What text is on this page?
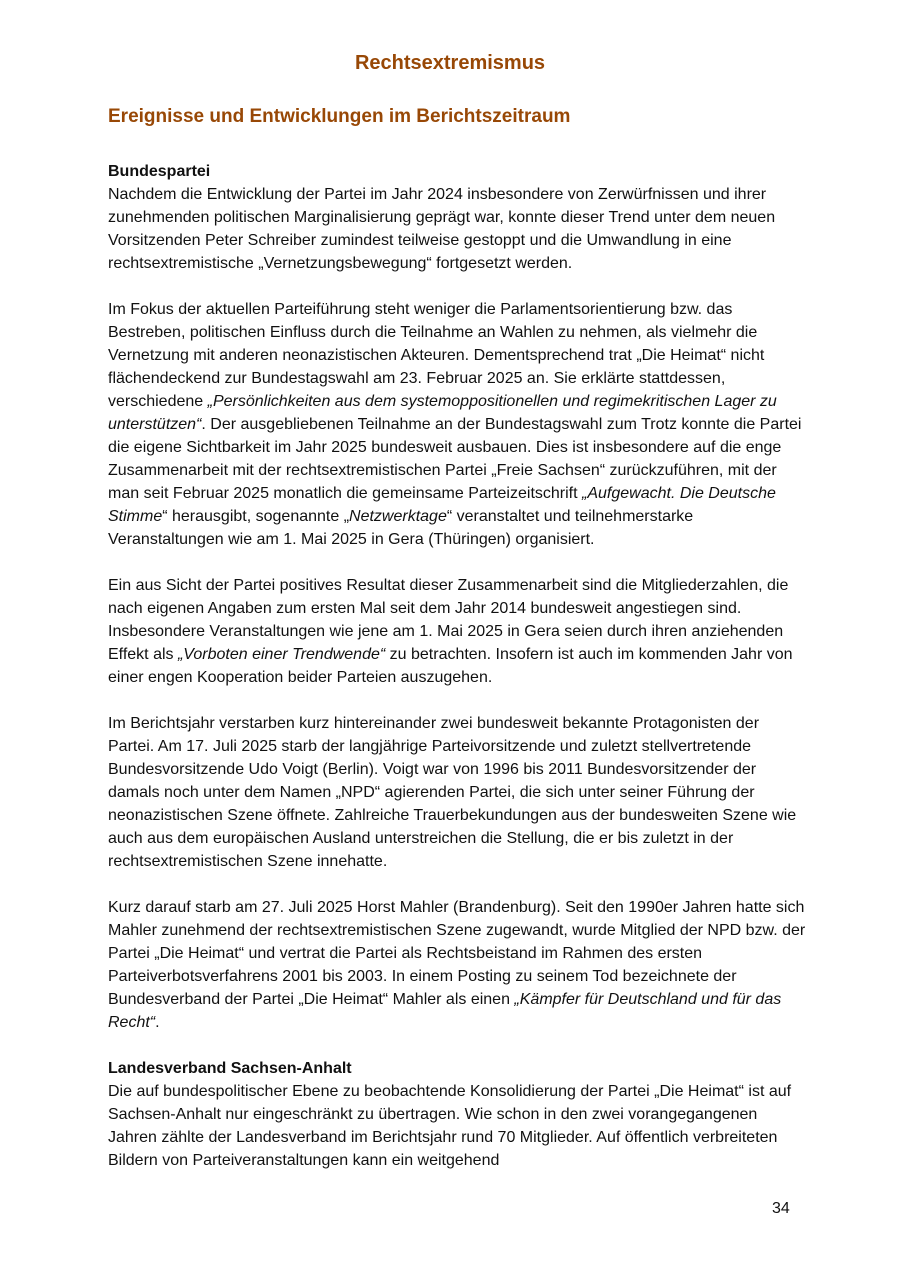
Rechtsextremismus
Ereignisse und Entwicklungen im Berichtszeitraum

Bundespartei

Nachdem die Entwicklung der Partei im Jahr 2024 insbesondere von Zerwürfnissen und ihrer zunehmenden politischen Marginalisierung geprägt war, konnte dieser Trend unter dem neuen Vorsitzenden Peter Schreiber zumindest teilweise gestoppt und die Umwandlung in eine rechtsextremistische „Vernetzungsbewegung“ fortgesetzt werden.

Im Fokus der aktuellen Parteiführung steht weniger die Parlamentsorientierung bzw. das Bestreben, politischen Einfluss durch die Teilnahme an Wahlen zu nehmen, als vielmehr die Vernetzung mit anderen neonazistischen Akteuren. Dementsprechend trat „Die Heimat“ nicht flächendeckend zur Bundestagswahl am 23. Februar 2025 an. Sie erklärte stattdessen, verschiedene „Persönlichkeiten aus dem systemoppositionellen und regimekritischen Lager zu unterstützen“. Der ausgebliebenen Teilnahme an der Bundestagswahl zum Trotz konnte die Partei die eigene Sichtbarkeit im Jahr 2025 bundesweit ausbauen. Dies ist insbesondere auf die enge Zusammenarbeit mit der rechtsextremistischen Partei „Freie Sachsen“ zurückzuführen, mit der man seit Februar 2025 monatlich die gemeinsame Parteizeitschrift „Aufgewacht. Die Deutsche Stimme“ herausgibt, sogenannte „Netzwerktage“ veranstaltet und teilnehmerstarke Veranstaltungen wie am 1. Mai 2025 in Gera (Thüringen) organisiert.

Ein aus Sicht der Partei positives Resultat dieser Zusammenarbeit sind die Mitgliederzahlen, die nach eigenen Angaben zum ersten Mal seit dem Jahr 2014 bundesweit angestiegen sind. Insbesondere Veranstaltungen wie jene am 1. Mai 2025 in Gera seien durch ihren anziehenden Effekt als „Vorboten einer Trendwende“ zu betrachten. Insofern ist auch im kommenden Jahr von einer engen Kooperation beider Parteien auszugehen.

Im Berichtsjahr verstarben kurz hintereinander zwei bundesweit bekannte Protagonisten der Partei. Am 17. Juli 2025 starb der langjährige Parteivorsitzende und zuletzt stellvertretende Bundesvorsitzende Udo Voigt (Berlin). Voigt war von 1996 bis 2011 Bundesvorsitzender der damals noch unter dem Namen „NPD“ agierenden Partei, die sich unter seiner Führung der neonazistischen Szene öffnete. Zahlreiche Trauerbekundungen aus der bundesweiten Szene wie auch aus dem europäischen Ausland unterstreichen die Stellung, die er bis zuletzt in der rechtsextremistischen Szene innehatte.

Kurz darauf starb am 27. Juli 2025 Horst Mahler (Brandenburg). Seit den 1990er Jahren hatte sich Mahler zunehmend der rechtsextremistischen Szene zugewandt, wurde Mitglied der NPD bzw. der Partei „Die Heimat“ und vertrat die Partei als Rechtsbeistand im Rahmen des ersten Parteiverbotsverfahrens 2001 bis 2003. In einem Posting zu seinem Tod bezeichnete der Bundesverband der Partei „Die Heimat“ Mahler als einen „Kämpfer für Deutschland und für das Recht“.

Landesverband Sachsen-Anhalt

Die auf bundespolitischer Ebene zu beobachtende Konsolidierung der Partei „Die Heimat“ ist auf Sachsen-Anhalt nur eingeschränkt zu übertragen. Wie schon in den zwei vorangegangenen Jahren zählte der Landesverband im Berichtsjahr rund 70 Mitglieder. Auf öffentlich verbreiteten Bildern von Parteiveranstaltungen kann ein weitgehend

34
